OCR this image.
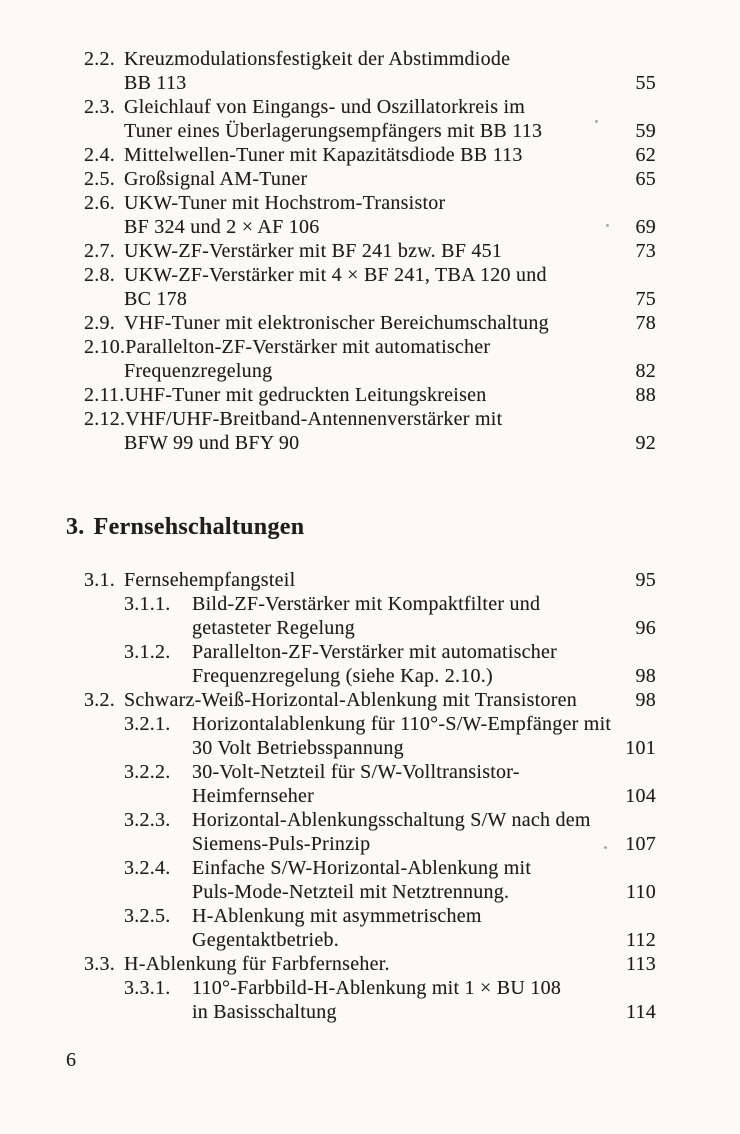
2.2. Kreuzmodulationsfestigkeit der Abstimmdiode
BB 113	55
2.3. Gleichlauf von Eingangs- und Oszillatorkreis im
Tuner eines Überlagerungsempfängers mit BB 113	59
2.4. Mittelwellen-Tuner mit Kapazitätsdiode BB 113	62
2.5. Großsignal AM-Tuner	65
2.6. UKW-Tuner mit Hochstrom-Transistor
BF 324 und 2 × AF 106	69
2.7. UKW-ZF-Verstärker mit BF 241 bzw. BF 451	73
2.8. UKW-ZF-Verstärker mit 4 × BF 241, TBA 120 und
BC 178	75
2.9. VHF-Tuner mit elektronischer Bereichumschaltung	78
2.10. Parallelton-ZF-Verstärker mit automatischer
Frequenzregelung	82
2.11. UHF-Tuner mit gedruckten Leitungskreisen	88
2.12. VHF/UHF-Breitband-Antennenverstärker mit
BFW 99 und BFY 90	92
3. Fernsehschaltungen
3.1. Fernsehempfangsteil	95
3.1.1.	Bild-ZF-Verstärker mit Kompaktfilter und
getasteter Regelung	96
3.1.2.	Parallelton-ZF-Verstärker mit automatischer
Frequenzregelung (siehe Kap. 2.10.)	98
3.2. Schwarz-Weiß-Horizontal-Ablenkung mit Transistoren	98
3.2.1.	Horizontalablenkung für 110°-S/W-Empfänger mit
30 Volt Betriebsspannung	101
3.2.2.	30-Volt-Netzteil für S/W-Volltransistor-
Heimfernseher	104
3.2.3.	Horizontal-Ablenkungsschaltung S/W nach dem
Siemens-Puls-Prinzip	107
3.2.4.	Einfache S/W-Horizontal-Ablenkung mit
Puls-Mode-Netzteil mit Netztrennung.	110
3.2.5.	H-Ablenkung mit asymmetrischem
Gegentaktbetrieb.	112
3.3. H-Ablenkung für Farbfernseher.	113
3.3.1.	110°-Farbbild-H-Ablenkung mit 1 × BU 108
in Basisschaltung	114
6
